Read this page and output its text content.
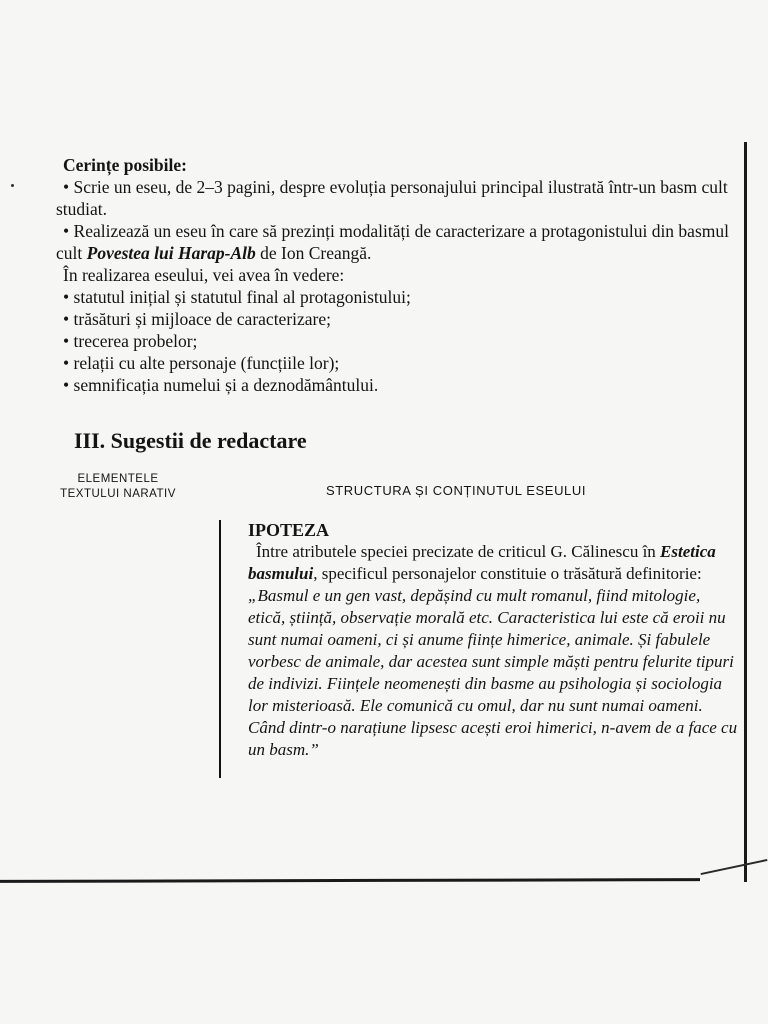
Cerințe posibile:
• Scrie un eseu, de 2–3 pagini, despre evoluția personajului principal ilustrată într-un basm cult studiat.
• Realizează un eseu în care să prezinți modalități de caracterizare a protagonistului din basmul cult Povestea lui Harap-Alb de Ion Creangă.
În realizarea eseului, vei avea în vedere:
• statutul inițial și statutul final al protagonistului;
• trăsături și mijloace de caracterizare;
• trecerea probelor;
• relații cu alte personaje (funcțiile lor);
• semnificația numelui și a deznodământului.
III. Sugestii de redactare
ELEMENTELE
TEXTULUI NARATIV	STRUCTURA ȘI CONȚINUTUL ESEULUI
IPOTEZA
Între atributele speciei precizate de criticul G. Călinescu în Estetica basmului, specificul personajelor constituie o trăsătură definitorie: „Basmul e un gen vast, depășind cu mult romanul, fiind mitologie, etică, știință, observație morală etc. Caracteristica lui este că eroii nu sunt numai oameni, ci și anume ființe himerice, animale. Și fabulele vorbesc de animale, dar acestea sunt simple măști pentru felurite tipuri de indivizi. Ființele neomenești din basme au psihologia și sociologia lor misterioasă. Ele comunică cu omul, dar nu sunt numai oameni. Când dintr-o narațiune lipsesc acești eroi himerici, n-avem de a face cu un basm.”
